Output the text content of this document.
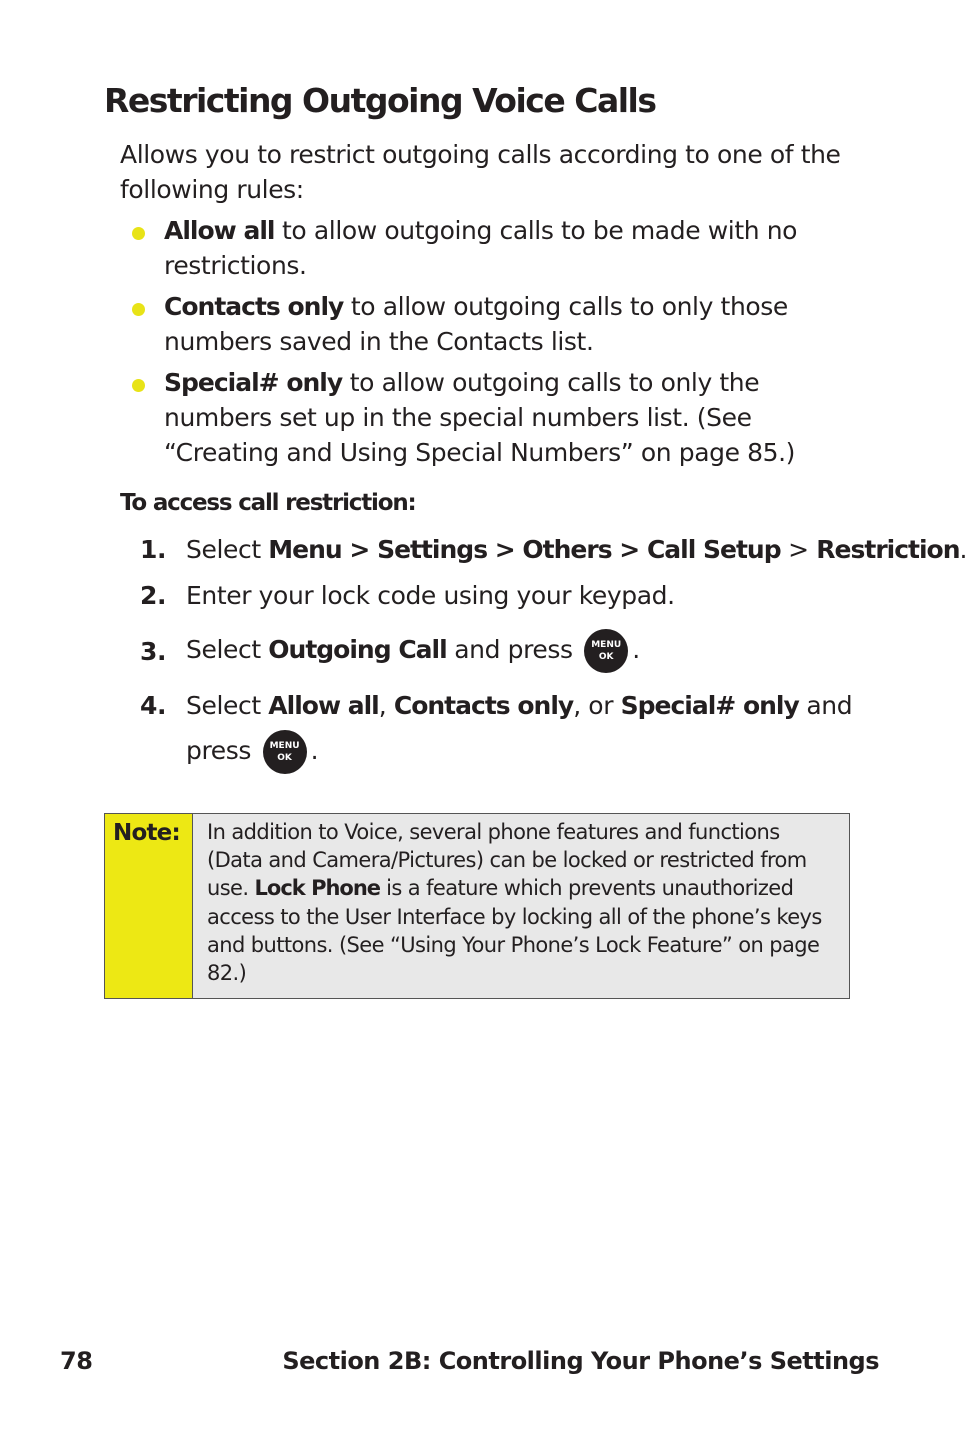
Restricting Outgoing Voice Calls
Allows you to restrict outgoing calls according to one of the following rules:
Allow all to allow outgoing calls to be made with no restrictions.
Contacts only to allow outgoing calls to only those numbers saved in the Contacts list.
Special# only to allow outgoing calls to only the numbers set up in the special numbers list. (See “Creating and Using Special Numbers” on page 85.)
To access call restriction:
1. Select Menu > Settings > Others > Call Setup > Restriction.
2. Enter your lock code using your keypad.
3. Select Outgoing Call and press MENU
OK .
4. Select Allow all, Contacts only, or Special# only and
press MENU
OK .
Note:	In addition to Voice, several phone features and functions (Data and Camera/Pictures) can be locked or restricted from use. Lock Phone is a feature which prevents unauthorized access to the User Interface by locking all of the phone’s keys and buttons. (See “Using Your Phone’s Lock Feature” on page 82.)
78	Section 2B: Controlling Your Phone’s Settings
